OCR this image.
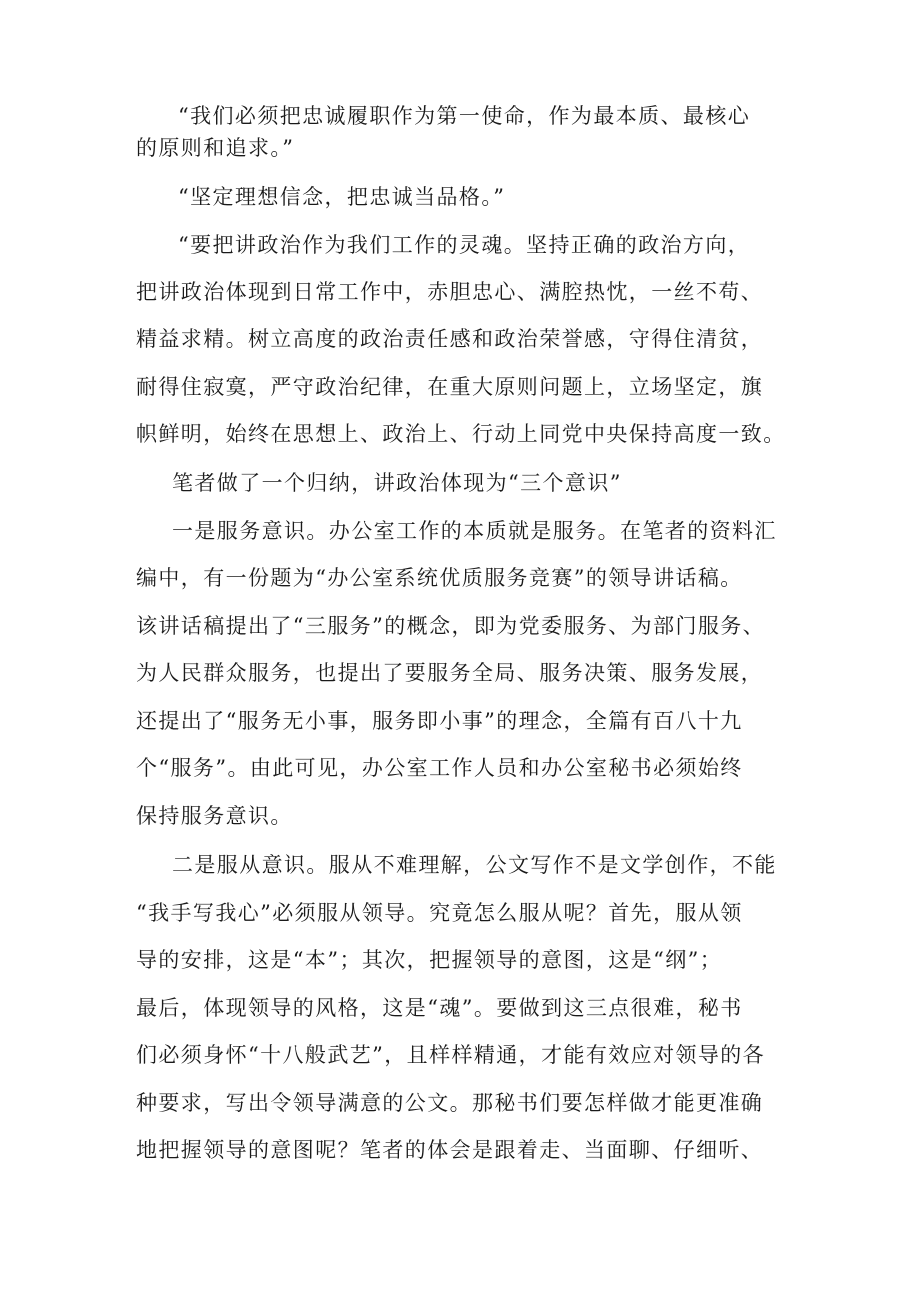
“我们必须把忠诚履职作为第一使命，作为最本质、最核心
的原则和追求。”
“坚定理想信念，把忠诚当品格。”
“要把讲政治作为我们工作的灵魂。坚持正确的政治方向，
把讲政治体现到日常工作中，赤胆忠心、满腔热忱，一丝不苟、
精益求精。树立高度的政治责任感和政治荣誉感，守得住清贫，
耐得住寂寞，严守政治纪律，在重大原则问题上，立场坚定，旗
帜鲜明，始终在思想上、政治上、行动上同党中央保持高度一致。
笔者做了一个归纳，讲政治体现为“三个意识”
一是服务意识。办公室工作的本质就是服务。在笔者的资料汇
编中，有一份题为“办公室系统优质服务竞赛”的领导讲话稿。
该讲话稿提出了“三服务”的概念，即为党委服务、为部门服务、
为人民群众服务，也提出了要服务全局、服务决策、服务发展，
还提出了“服务无小事，服务即小事”的理念，全篇有百八十九
个“服务”。由此可见，办公室工作人员和办公室秘书必须始终
保持服务意识。
二是服从意识。服从不难理解，公文写作不是文学创作，不能
“我手写我心”必须服从领导。究竟怎么服从呢？首先，服从领
导的安排，这是“本”；其次，把握领导的意图，这是“纲”；
最后，体现领导的风格，这是“魂”。要做到这三点很难，秘书
们必须身怀“十八般武艺”，且样样精通，才能有效应对领导的各
种要求，写出令领导满意的公文。那秘书们要怎样做才能更准确
地把握领导的意图呢？笔者的体会是跟着走、当面聊、仔细听、
